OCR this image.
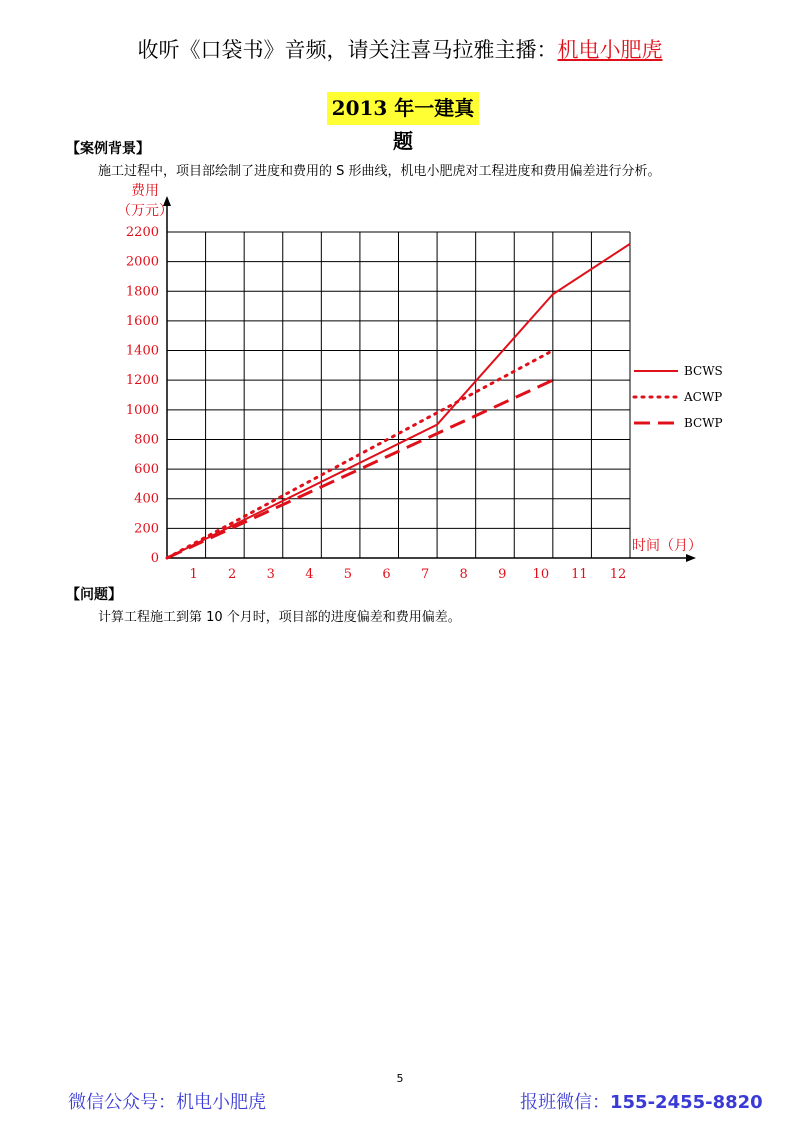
收听《口袋书》音频，请关注喜马拉雅主播：机电小肥虎
2013 年一建真题
【案例背景】
施工过程中，项目部绘制了进度和费用的 S 形曲线，机电小肥虎对工程进度和费用偏差进行分析。
BCWS
ACWP
BCWP
0
200
400
600
800
1000
1200
1400
1600
1800
2000
2200
1 2 3 4 5 6 7 8 9 10 11 12
费用
（万元）
时间（月）
【问题】
计算工程施工到第 10 个月时，项目部的进度偏差和费用偏差。
5
微信公众号：机电小肥虎	报班微信：155-2455-8820
